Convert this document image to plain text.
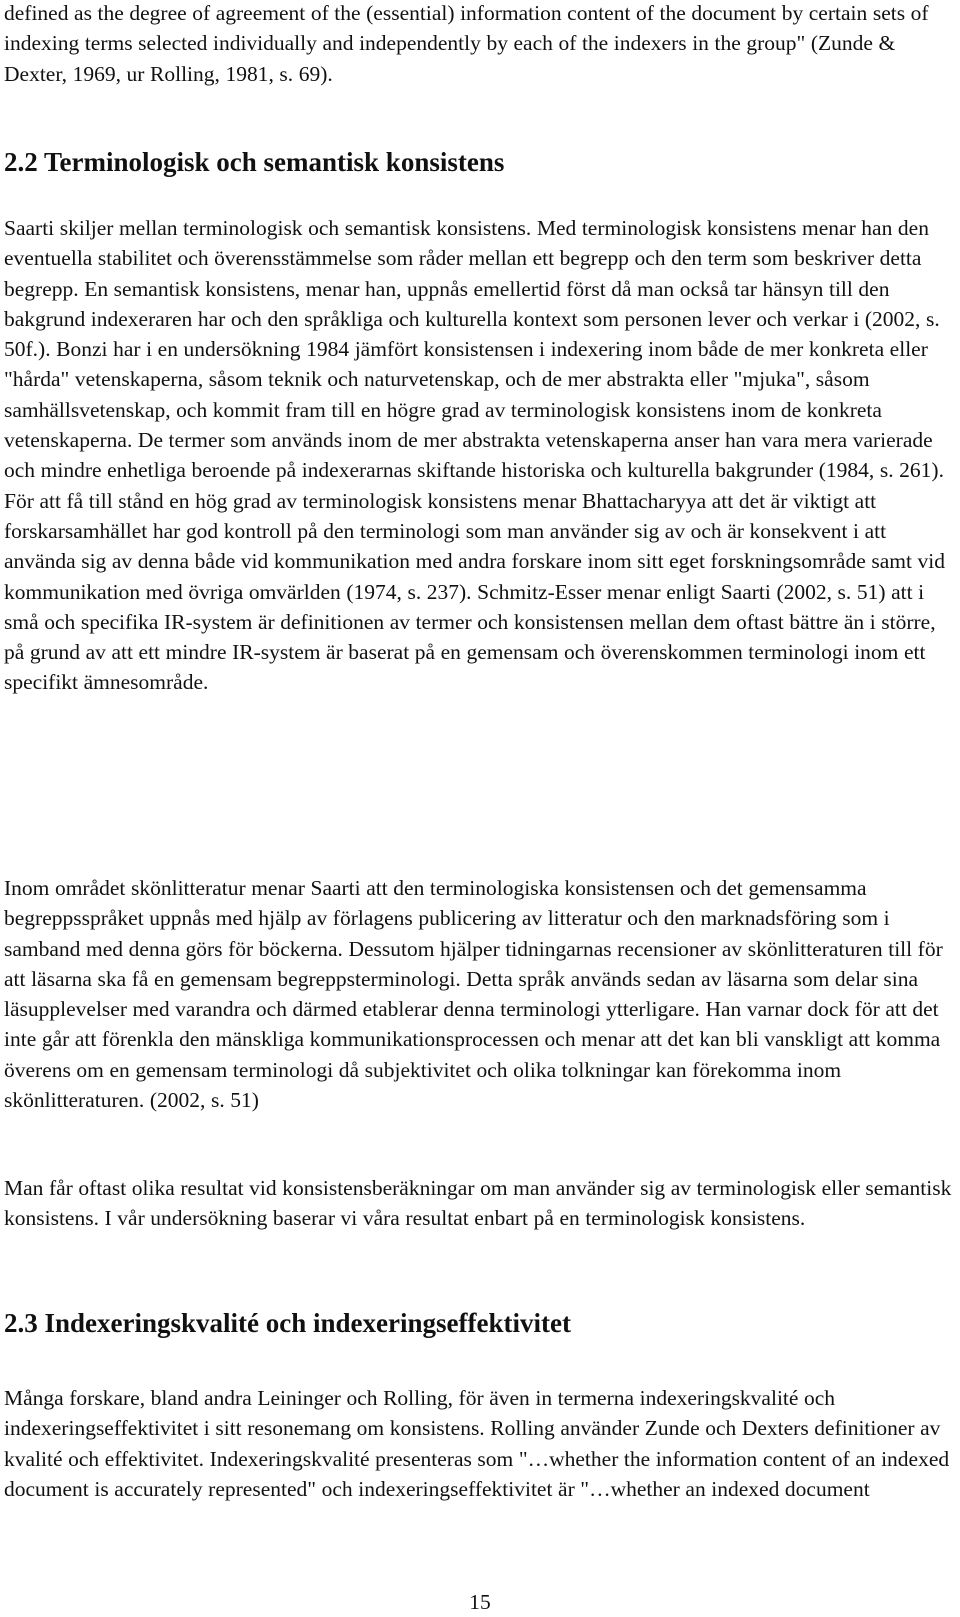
defined as the degree of agreement of the (essential) information content of the document by certain sets of indexing terms selected individually and independently by each of the indexers in the group" (Zunde & Dexter, 1969, ur Rolling, 1981, s. 69).

2.2 Terminologisk och semantisk konsistens

Saarti skiljer mellan terminologisk och semantisk konsistens. Med terminologisk konsistens menar han den eventuella stabilitet och överensstämmelse som råder mellan ett begrepp och den term som beskriver detta begrepp. En semantisk konsistens, menar han, uppnås emellertid först då man också tar hänsyn till den bakgrund indexeraren har och den språkliga och kulturella kontext som personen lever och verkar i (2002, s. 50f.). Bonzi har i en undersökning 1984 jämfört konsistensen i indexering inom både de mer konkreta eller "hårda" vetenskaperna, såsom teknik och naturvetenskap, och de mer abstrakta eller "mjuka", såsom samhällsvetenskap, och kommit fram till en högre grad av terminologisk konsistens inom de konkreta vetenskaperna. De termer som används inom de mer abstrakta vetenskaperna anser han vara mera varierade och mindre enhetliga beroende på indexerarnas skiftande historiska och kulturella bakgrunder (1984, s. 261). För att få till stånd en hög grad av terminologisk konsistens menar Bhattacharyya att det är viktigt att forskarsamhället har god kontroll på den terminologi som man använder sig av och är konsekvent i att använda sig av denna både vid kommunikation med andra forskare inom sitt eget forskningsområde samt vid kommunikation med övriga omvärlden (1974, s. 237). Schmitz-Esser menar enligt Saarti (2002, s. 51) att i små och specifika IR-system är definitionen av termer och konsistensen mellan dem oftast bättre än i större, på grund av att ett mindre IR-system är baserat på en gemensam och överenskommen terminologi inom ett specifikt ämnesområde.

Inom området skönlitteratur menar Saarti att den terminologiska konsistensen och det gemensamma begreppsspråket uppnås med hjälp av förlagens publicering av litteratur och den marknadsföring som i samband med denna görs för böckerna. Dessutom hjälper tidningarnas recensioner av skönlitteraturen till för att läsarna ska få en gemensam begreppsterminologi. Detta språk används sedan av läsarna som delar sina läsupplevelser med varandra och därmed etablerar denna terminologi ytterligare. Han varnar dock för att det inte går att förenkla den mänskliga kommunikationsprocessen och menar att det kan bli vanskligt att komma överens om en gemensam terminologi då subjektivitet och olika tolkningar kan förekomma inom skönlitteraturen. (2002, s. 51)

Man får oftast olika resultat vid konsistensberäkningar om man använder sig av terminologisk eller semantisk konsistens. I vår undersökning baserar vi våra resultat enbart på en terminologisk konsistens.

2.3 Indexeringskvalité och indexeringseffektivitet

Många forskare, bland andra Leininger och Rolling, för även in termerna indexeringskvalité och indexeringseffektivitet i sitt resonemang om konsistens. Rolling använder Zunde och Dexters definitioner av kvalité och effektivitet. Indexeringskvalité presenteras som "…whether the information content of an indexed document is accurately represented" och indexeringseffektivitet är "…whether an indexed document

15
